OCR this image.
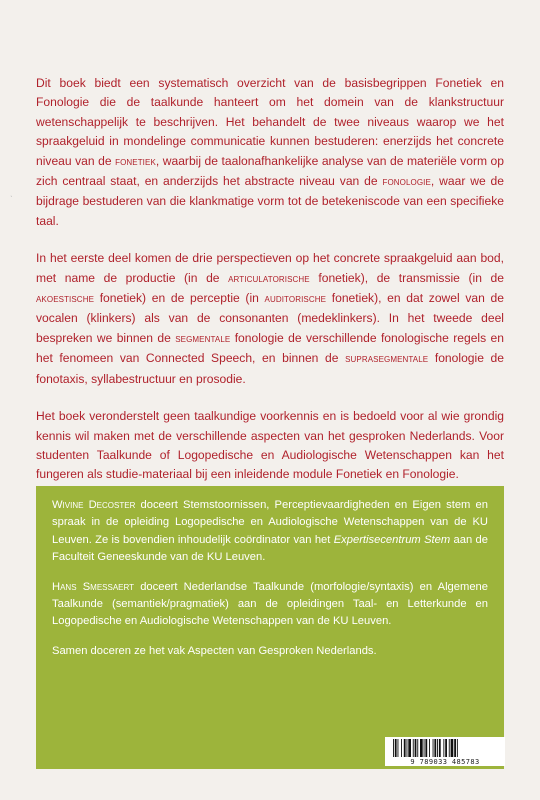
ˎ

Dit boek biedt een systematisch overzicht van de basisbegrippen Fonetiek en Fonologie die de taalkunde hanteert om het domein van de klankstructuur wetenschappelijk te beschrijven. Het behandelt de twee niveaus waarop we het spraakgeluid in mondelinge communicatie kunnen bestuderen: enerzijds het concrete niveau van de fonetiek, waarbij de taalonafhankelijke analyse van de materiële vorm op zich centraal staat, en anderzijds het abstracte niveau van de fonologie, waar we de bijdrage bestuderen van die klankmatige vorm tot de betekeniscode van een specifieke taal.

In het eerste deel komen de drie perspectieven op het concrete spraakgeluid aan bod, met name de productie (in de articulatorische fonetiek), de transmissie (in de akoestische fonetiek) en de perceptie (in auditorische fonetiek), en dat zowel van de vocalen (klinkers) als van de consonanten (medeklinkers). In het tweede deel bespreken we binnen de segmentale fonologie de verschillende fonologische regels en het fenomeen van Connected Speech, en binnen de suprasegmentale fonologie de fonotaxis, syllabestructuur en prosodie.

Het boek veronderstelt geen taalkundige voorkennis en is bedoeld voor al wie grondig kennis wil maken met de verschillende aspecten van het gesproken Nederlands. Voor studenten Taalkunde of Logopedische en Audiologische Wetenschappen kan het fungeren als studie-materiaal bij een inleidende module Fonetiek en Fonologie.

Wivine Decoster doceert Stemstoornissen, Perceptievaardigheden en Eigen stem en spraak in de opleiding Logopedische en Audiologische Wetenschappen van de KU Leuven. Ze is bovendien inhoudelijk coördinator van het Expertisecentrum Stem aan de Faculteit Geneeskunde van de KU Leuven.

Hans Smessaert doceert Nederlandse Taalkunde (morfologie/syntaxis) en Algemene Taalkunde (semantiek/pragmatiek) aan de opleidingen Taal- en Letterkunde en Logopedische en Audiologische Wetenschappen van de KU Leuven.

Samen doceren ze het vak Aspecten van Gesproken Nederlands.

9 789033 485783
